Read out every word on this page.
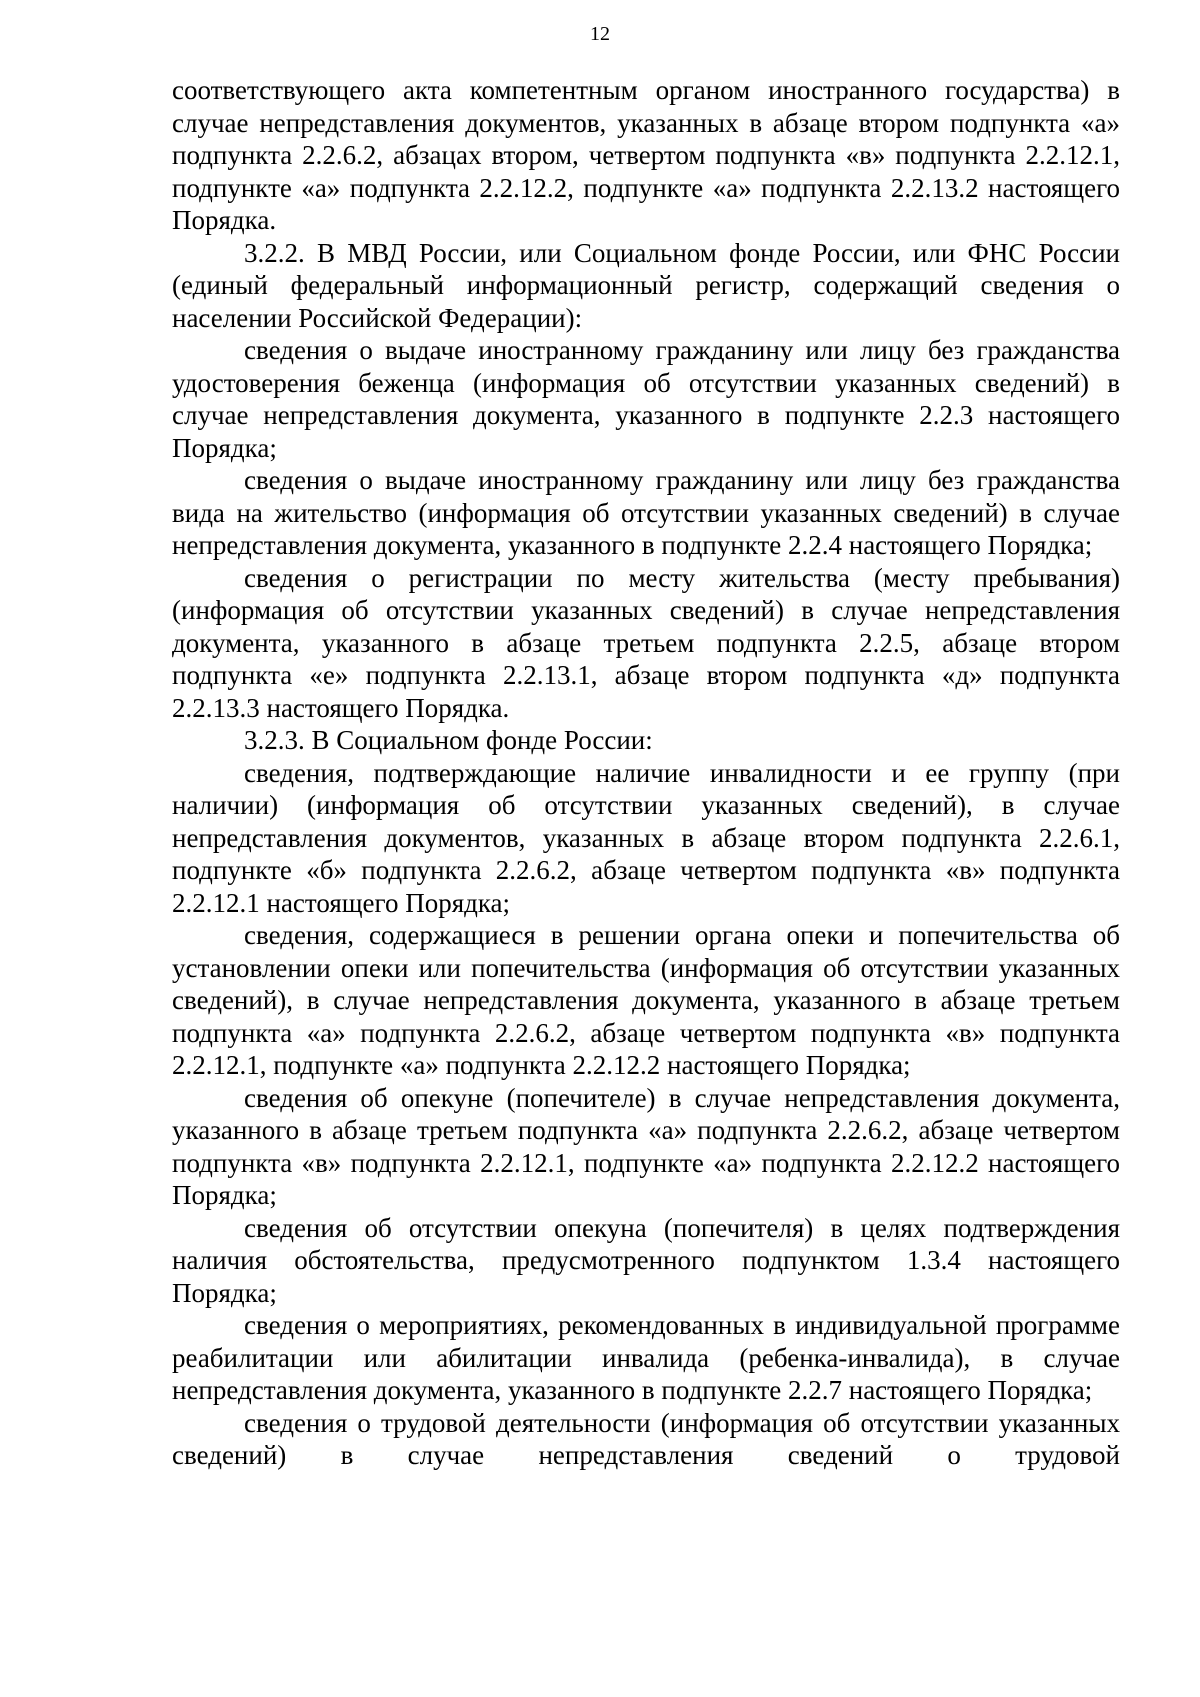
12

соответствующего акта компетентным органом иностранного государства) в случае непредставления документов, указанных в абзаце втором подпункта «а» подпункта 2.2.6.2, абзацах втором, четвертом подпункта «в» подпункта 2.2.12.1, подпункте «а» подпункта 2.2.12.2, подпункте «а» подпункта 2.2.13.2 настоящего Порядка.

3.2.2. В МВД России, или Социальном фонде России, или ФНС России (единый федеральный информационный регистр, содержащий сведения о населении Российской Федерации):

сведения о выдаче иностранному гражданину или лицу без гражданства удостоверения беженца (информация об отсутствии указанных сведений) в случае непредставления документа, указанного в подпункте 2.2.3 настоящего Порядка;

сведения о выдаче иностранному гражданину или лицу без гражданства вида на жительство (информация об отсутствии указанных сведений) в случае непредставления документа, указанного в подпункте 2.2.4 настоящего Порядка;

сведения о регистрации по месту жительства (месту пребывания) (информация об отсутствии указанных сведений) в случае непредставления документа, указанного в абзаце третьем подпункта 2.2.5, абзаце втором подпункта «е» подпункта 2.2.13.1, абзаце втором подпункта «д» подпункта 2.2.13.3 настоящего Порядка.

3.2.3. В Социальном фонде России:

сведения, подтверждающие наличие инвалидности и ее группу (при наличии) (информация об отсутствии указанных сведений), в случае непредставления документов, указанных в абзаце втором подпункта 2.2.6.1, подпункте «б» подпункта 2.2.6.2, абзаце четвертом подпункта «в» подпункта 2.2.12.1 настоящего Порядка;

сведения, содержащиеся в решении органа опеки и попечительства об установлении опеки или попечительства (информация об отсутствии указанных сведений), в случае непредставления документа, указанного в абзаце третьем подпункта «а» подпункта 2.2.6.2, абзаце четвертом подпункта «в» подпункта 2.2.12.1, подпункте «а» подпункта 2.2.12.2 настоящего Порядка;

сведения об опекуне (попечителе) в случае непредставления документа, указанного в абзаце третьем подпункта «а» подпункта 2.2.6.2, абзаце четвертом подпункта «в» подпункта 2.2.12.1, подпункте «а» подпункта 2.2.12.2 настоящего Порядка;

сведения об отсутствии опекуна (попечителя) в целях подтверждения наличия обстоятельства, предусмотренного подпунктом 1.3.4 настоящего Порядка;

сведения о мероприятиях, рекомендованных в индивидуальной программе реабилитации или абилитации инвалида (ребенка-инвалида), в случае непредставления документа, указанного в подпункте 2.2.7 настоящего Порядка;

сведения о трудовой деятельности (информация об отсутствии указанных сведений) в случае непредставления сведений о трудовой
